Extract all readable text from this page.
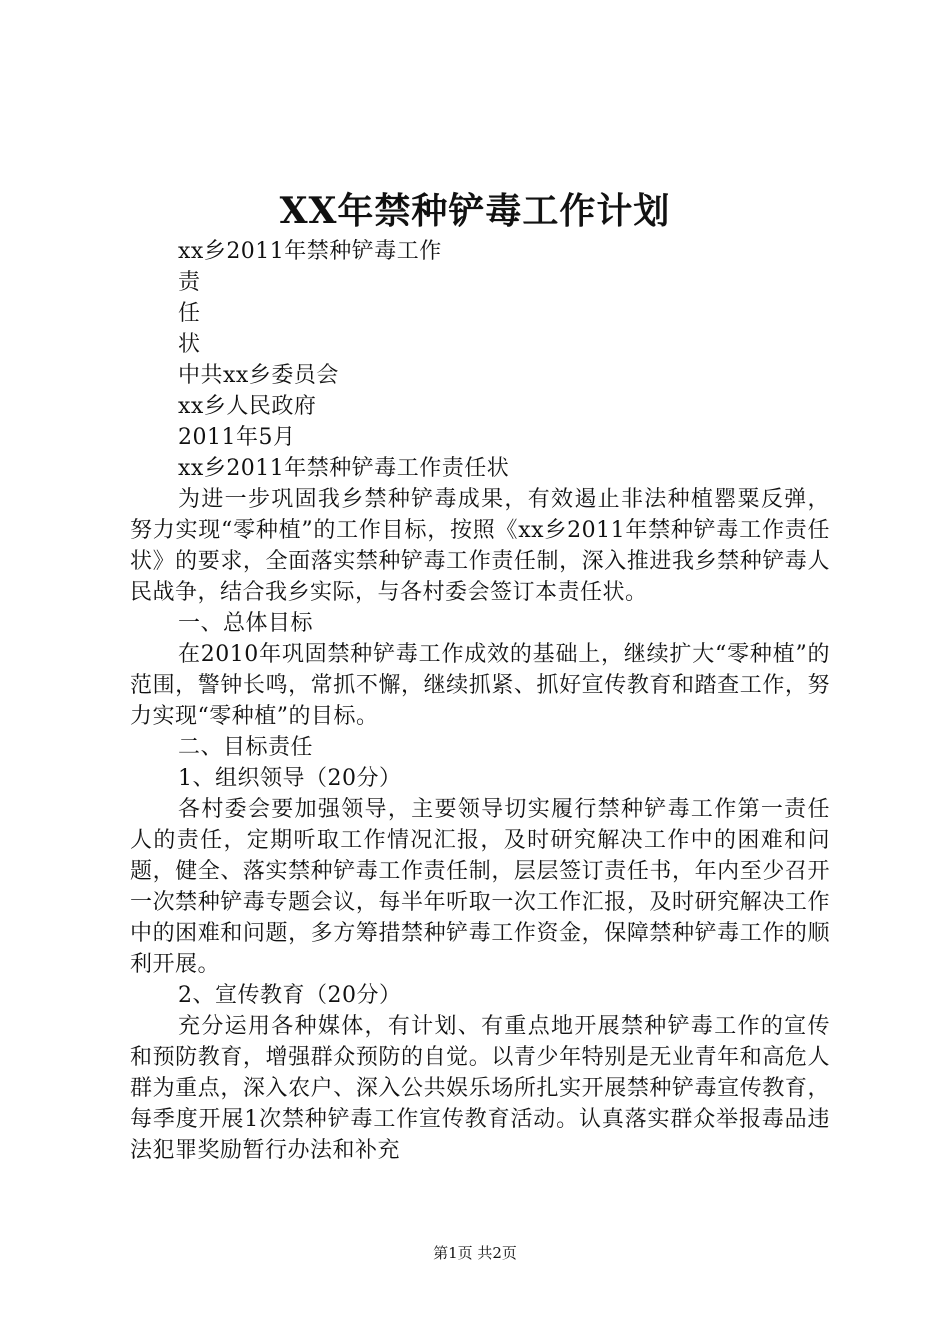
XX年禁种铲毒工作计划

xx乡2011年禁种铲毒工作

责

任

状

中共xx乡委员会

xx乡人民政府

2011年5月

xx乡2011年禁种铲毒工作责任状

为进一步巩固我乡禁种铲毒成果，有效遏止非法种植罂粟反弹，努力实现“零种植”的工作目标，按照《xx乡2011年禁种铲毒工作责任状》的要求，全面落实禁种铲毒工作责任制，深入推进我乡禁种铲毒人民战争，结合我乡实际，与各村委会签订本责任状。

一、总体目标

在2010年巩固禁种铲毒工作成效的基础上，继续扩大“零种植”的范围，警钟长鸣，常抓不懈，继续抓紧、抓好宣传教育和踏查工作，努力实现“零种植”的目标。

二、目标责任

1、组织领导（20分）

各村委会要加强领导，主要领导切实履行禁种铲毒工作第一责任人的责任，定期听取工作情况汇报，及时研究解决工作中的困难和问题，健全、落实禁种铲毒工作责任制，层层签订责任书，年内至少召开一次禁种铲毒专题会议，每半年听取一次工作汇报，及时研究解决工作中的困难和问题，多方筹措禁种铲毒工作资金，保障禁种铲毒工作的顺利开展。

2、宣传教育（20分）

充分运用各种媒体，有计划、有重点地开展禁种铲毒工作的宣传和预防教育，增强群众预防的自觉。以青少年特别是无业青年和高危人群为重点，深入农户、深入公共娱乐场所扎实开展禁种铲毒宣传教育，每季度开展1次禁种铲毒工作宣传教育活动。认真落实群众举报毒品违法犯罪奖励暂行办法和补充

第1页 共2页
